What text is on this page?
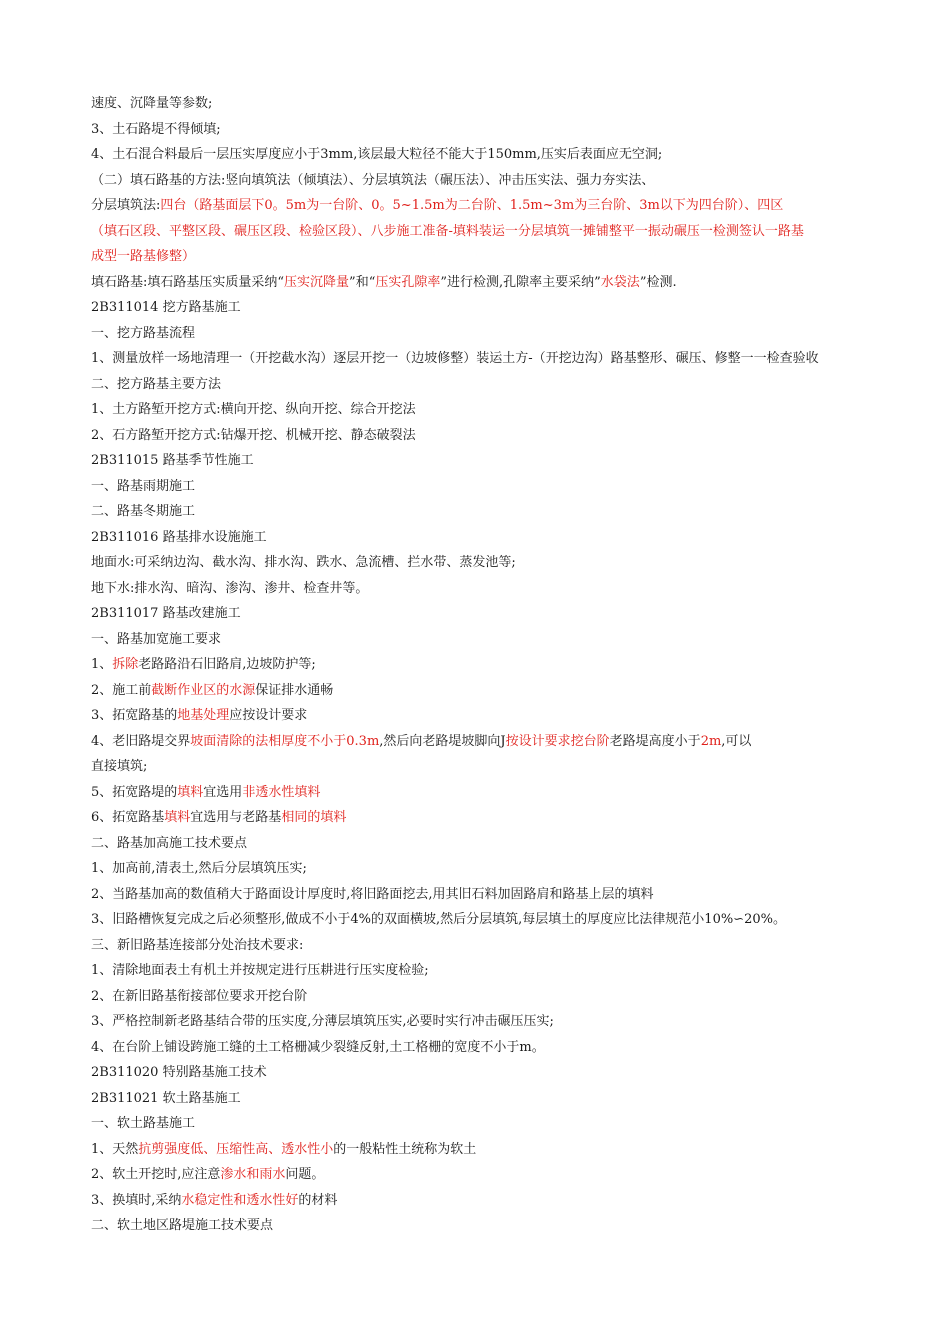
速度、沉降量等参数;
3、土石路堤不得倾填;
4、土石混合料最后一层压实厚度应小于3mm,该层最大粒径不能大于150mm,压实后表面应无空洞;
（二）填石路基的方法:竖向填筑法（倾填法）、分层填筑法（碾压法）、冲击压实法、强力夯实法、
分层填筑法:四台（路基面层下0。5m为一台阶、0。5~1.5m为二台阶、1.5m~3m为三台阶、3m以下为四台阶）、四区
（填石区段、平整区段、碾压区段、检验区段）、八步施工准备-填料装运一分层填筑一摊铺整平一振动碾压一检测签认一路基
成型一路基修整）
填石路基:填石路基压实质量采纳“压实沉降量”和“压实孔隙率”进行检测,孔隙率主要采纳”水袋法”检测.
2B311014 挖方路基施工
一、挖方路基流程
1、测量放样一场地清理一（开挖截水沟）逐层开挖一（边坡修整）装运土方-（开挖边沟）路基整形、碾压、修整一一检查验收
二、挖方路基主要方法
1、土方路堑开挖方式:横向开挖、纵向开挖、综合开挖法
2、石方路堑开挖方式:钻爆开挖、机械开挖、静态破裂法
2B311015 路基季节性施工
一、路基雨期施工
二、路基冬期施工
2B311016 路基排水设施施工
地面水:可采纳边沟、截水沟、排水沟、跌水、急流槽、拦水带、蒸发池等;
地下水:排水沟、暗沟、渗沟、渗井、检查井等。
2B311017 路基改建施工
一、路基加宽施工要求
1、拆除老路路沿石旧路肩,边坡防护等;
2、施工前截断作业区的水源保证排水通畅
3、拓宽路基的地基处理应按设计要求
4、老旧路堤交界坡面清除的法相厚度不小于0.3m,然后向老路堤坡脚向J按设计要求挖台阶老路堤高度小于2m,可以
直接填筑;
5、拓宽路堤的填料宜选用非透水性填料
6、拓宽路基填料宜选用与老路基相同的填料
二、路基加高施工技术要点
1、加高前,清表土,然后分层填筑压实;
2、当路基加高的数值稍大于路面设计厚度时,将旧路面挖去,用其旧石料加固路肩和路基上层的填料
3、旧路槽恢复完成之后必须整形,做成不小于4%的双面横坡,然后分层填筑,每层填土的厚度应比法律规范小10%∽20%。
三、新旧路基连接部分处治技术要求:
1、清除地面表土有机土并按规定进行压耕进行压实度检验;
2、在新旧路基衔接部位要求开挖台阶
3、严格控制新老路基结合带的压实度,分薄层填筑压实,必要时实行冲击碾压压实;
4、在台阶上铺设跨施工缝的土工格栅减少裂缝反射,土工格栅的宽度不小于m。
2B311020 特别路基施工技术
2B311021 软土路基施工
一、软土路基施工
1、天然抗剪强度低、压缩性高、透水性小的一般粘性土统称为软土
2、软土开挖时,应注意渗水和雨水问题。
3、换填时,采纳水稳定性和透水性好的材料
二、软土地区路堤施工技术要点
